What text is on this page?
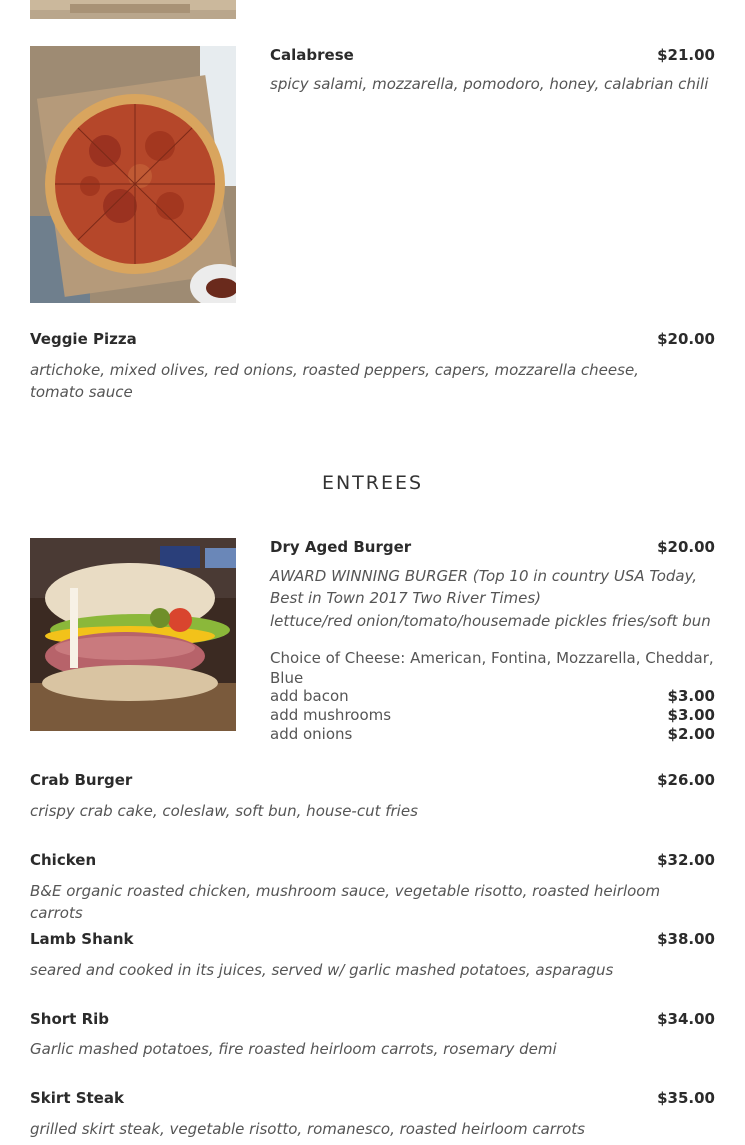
Calabrese	$21.00
spicy salami, mozzarella, pomodoro, honey, calabrian chili
Veggie Pizza	$20.00
artichoke, mixed olives, red onions, roasted peppers, capers, mozzarella cheese, tomato sauce
ENTREES
Dry Aged Burger	$20.00
AWARD WINNING BURGER (Top 10 in country USA Today, Best in Town 2017 Two River Times)
lettuce/red onion/tomato/housemade pickles fries/soft bun
Choice of Cheese: American, Fontina, Mozzarella, Cheddar, Blue
add bacon	$3.00
add mushrooms	$3.00
add onions	$2.00
Crab Burger	$26.00
crispy crab cake, coleslaw, soft bun, house-cut fries
Chicken	$32.00
B&E organic roasted chicken, mushroom sauce, vegetable risotto, roasted heirloom carrots
Lamb Shank	$38.00
seared and cooked in its juices, served w/ garlic mashed potatoes, asparagus
Short Rib	$34.00
Garlic mashed potatoes, fire roasted heirloom carrots, rosemary demi
Skirt Steak	$35.00
grilled skirt steak, vegetable risotto, romanesco, roasted heirloom carrots
